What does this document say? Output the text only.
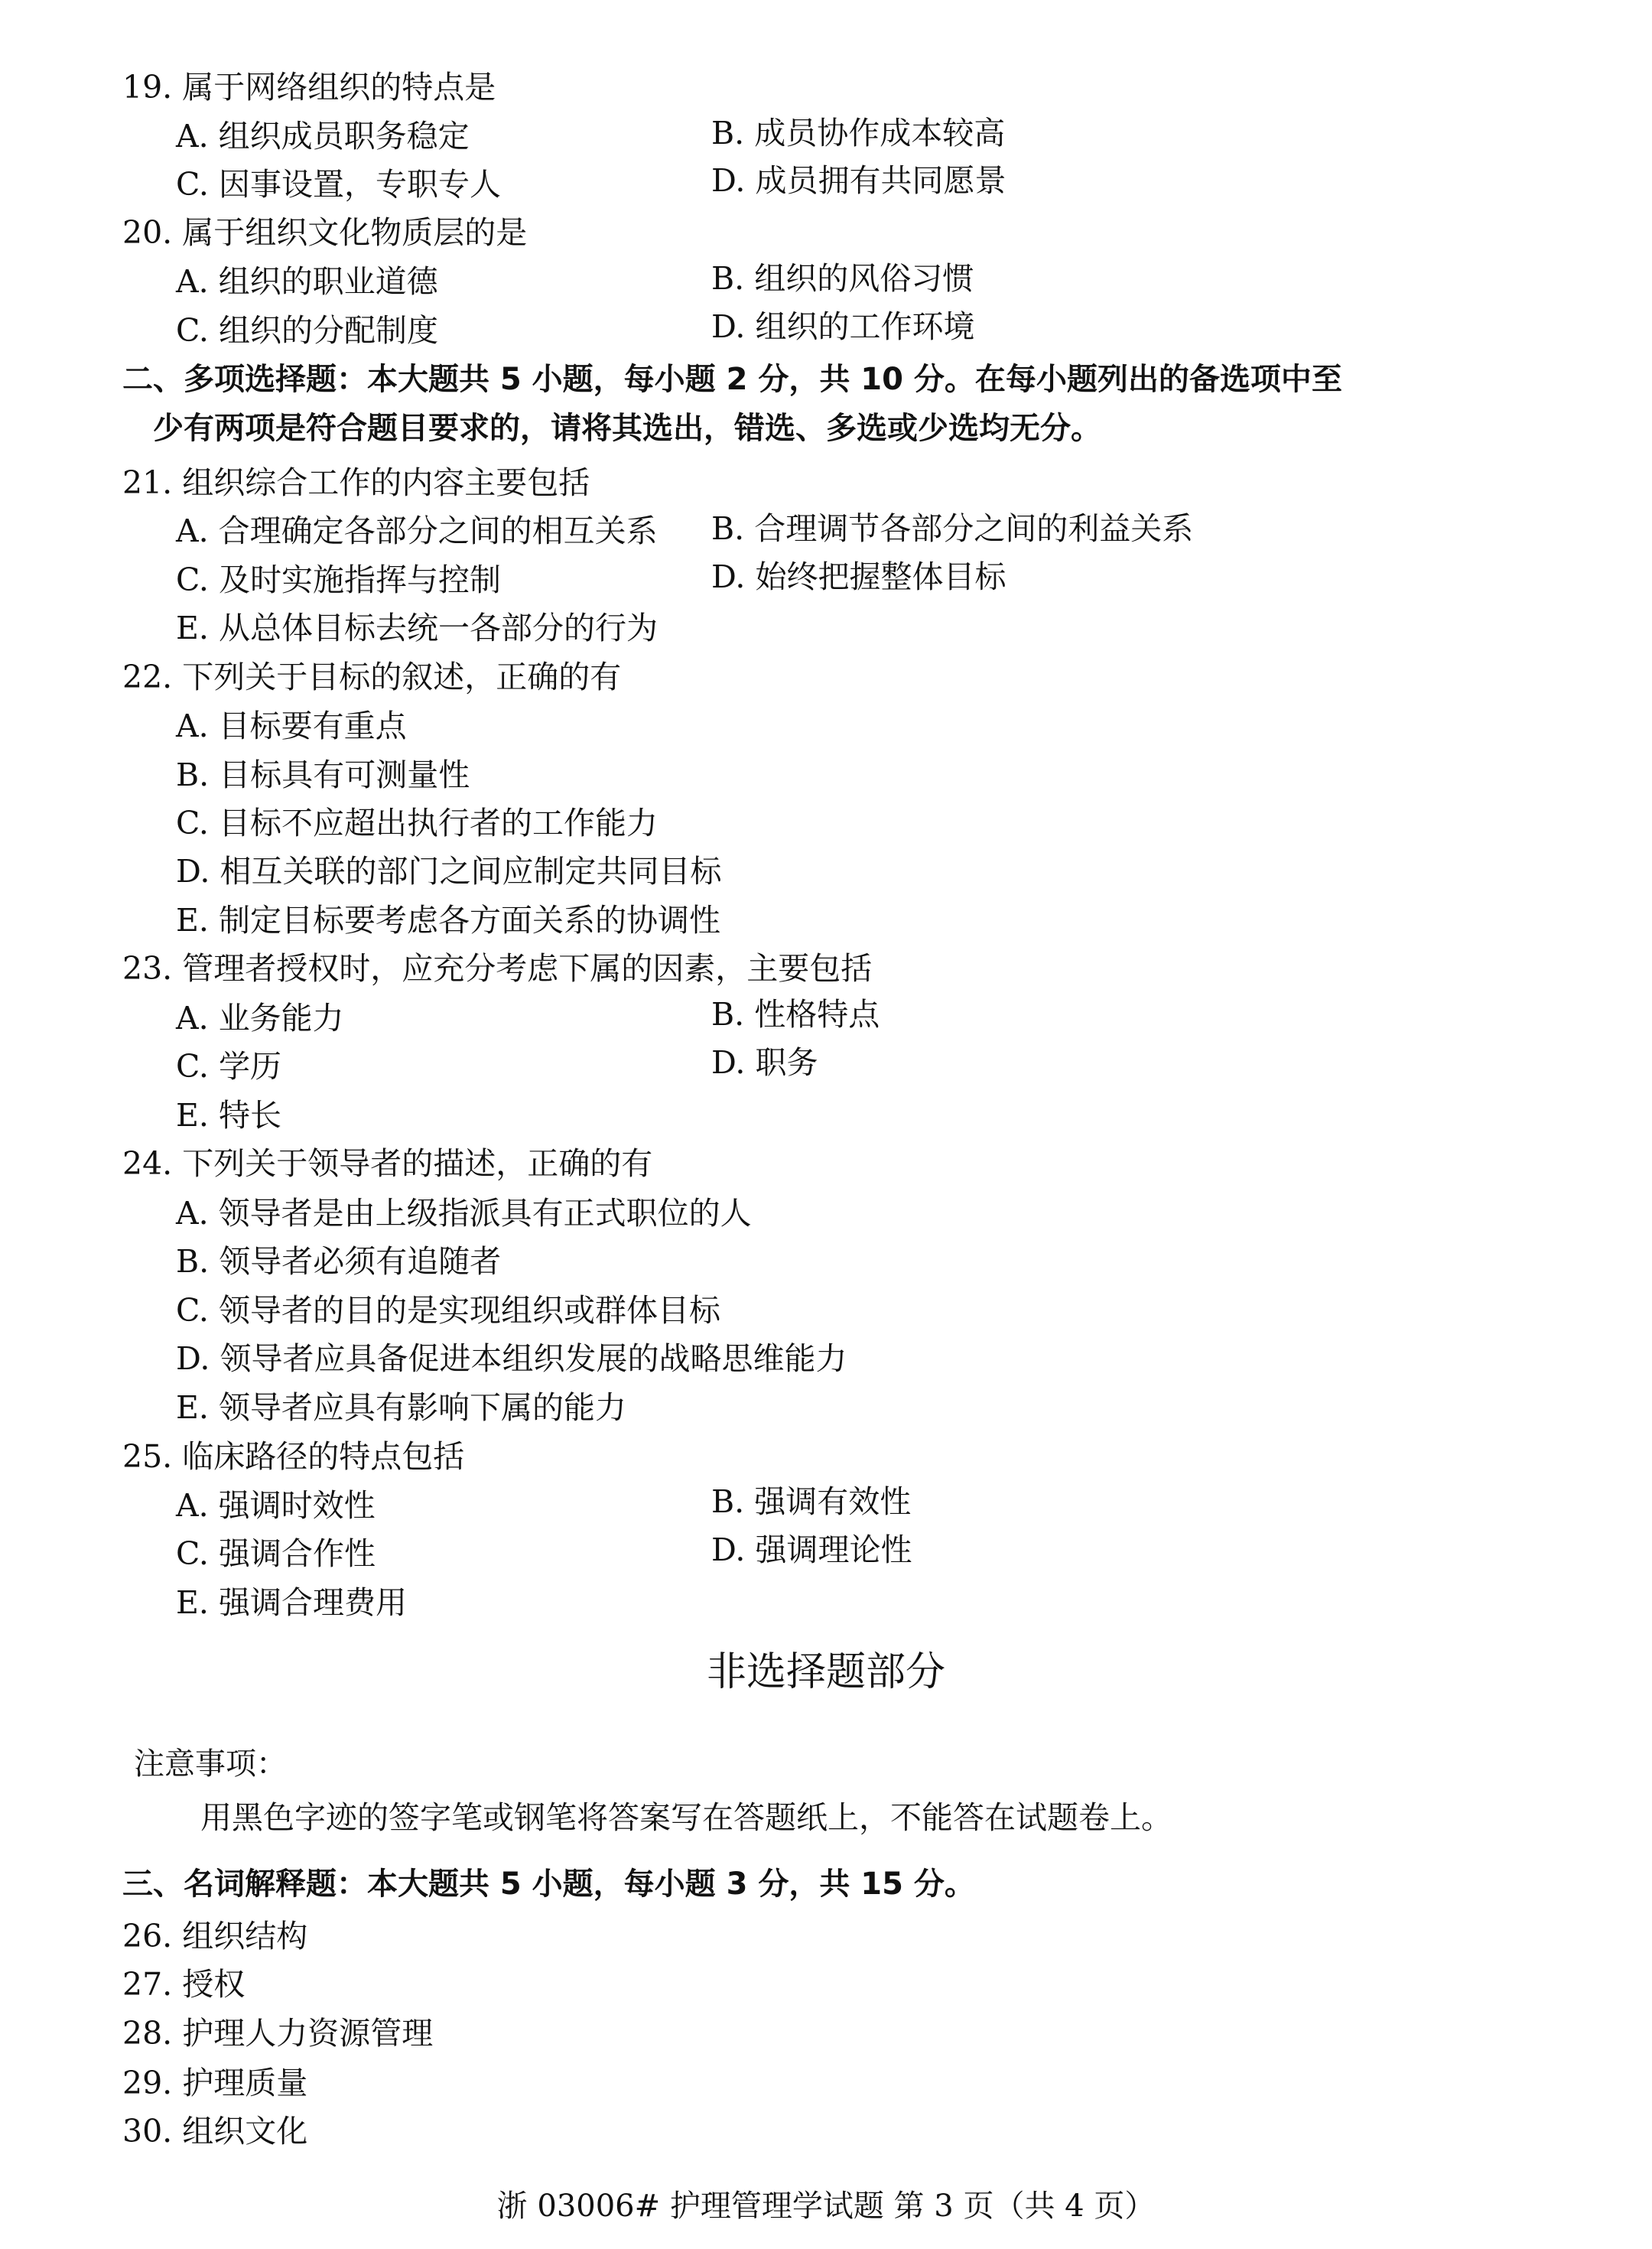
19. 属于网络组织的特点是
A. 组织成员职务稳定	B. 成员协作成本较高
C. 因事设置，专职专人	D. 成员拥有共同愿景
20. 属于组织文化物质层的是
A. 组织的职业道德	B. 组织的风俗习惯
C. 组织的分配制度	D. 组织的工作环境
二、多项选择题：本大题共 5 小题，每小题 2 分，共 10 分。在每小题列出的备选项中至
少有两项是符合题目要求的，请将其选出，错选、多选或少选均无分。
21. 组织综合工作的内容主要包括
A. 合理确定各部分之间的相互关系 B. 合理调节各部分之间的利益关系
C. 及时实施指挥与控制	D. 始终把握整体目标
E. 从总体目标去统一各部分的行为
22. 下列关于目标的叙述，正确的有
A. 目标要有重点
B. 目标具有可测量性
C. 目标不应超出执行者的工作能力
D. 相互关联的部门之间应制定共同目标
E. 制定目标要考虑各方面关系的协调性
23. 管理者授权时，应充分考虑下属的因素，主要包括
A. 业务能力	B. 性格特点
C. 学历	D. 职务
E. 特长
24. 下列关于领导者的描述，正确的有
A. 领导者是由上级指派具有正式职位的人
B. 领导者必须有追随者
C. 领导者的目的是实现组织或群体目标
D. 领导者应具备促进本组织发展的战略思维能力
E. 领导者应具有影响下属的能力
25. 临床路径的特点包括
A. 强调时效性	B. 强调有效性
C. 强调合作性	D. 强调理论性
E. 强调合理费用
非选择题部分
注意事项：
用黑色字迹的签字笔或钢笔将答案写在答题纸上，不能答在试题卷上。
三、名词解释题：本大题共 5 小题，每小题 3 分，共 15 分。
26. 组织结构
27. 授权
28. 护理人力资源管理
29. 护理质量
30. 组织文化
浙 03006# 护理管理学试题 第 3 页（共 4 页）
